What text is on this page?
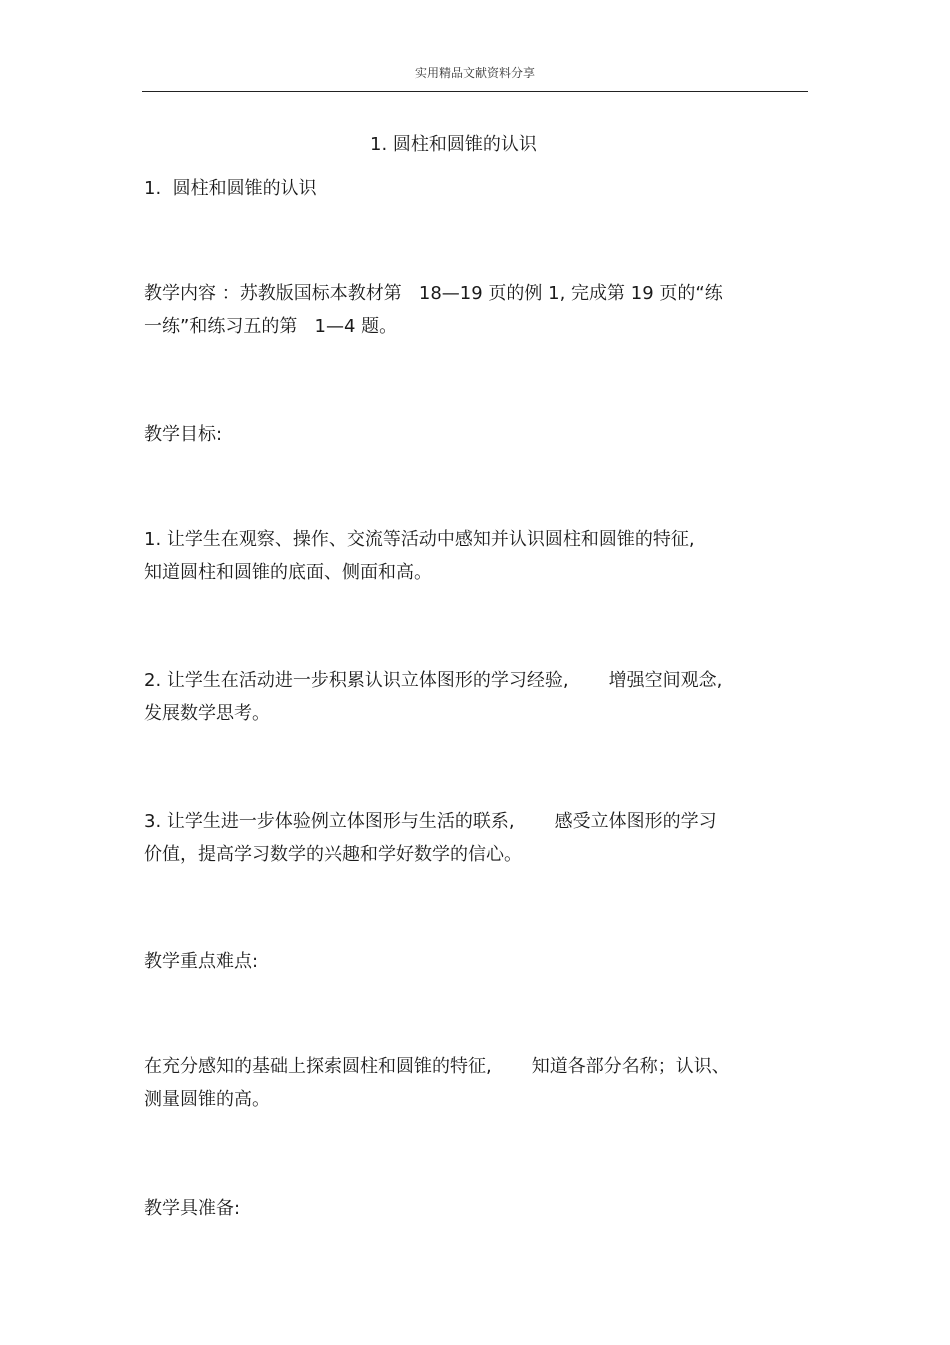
实用精品文献资料分享
1. 圆柱和圆锥的认识
1.  圆柱和圆锥的认识
教学内容 ：苏教版国标本教材第   18—19 页的例 1, 完成第 19 页的“练
一练”和练习五的第   1—4 题。
教学目标:
1. 让学生在观察、操作、交流等活动中感知并认识圆柱和圆锥的特征,
知道圆柱和圆锥的底面、侧面和高。
2. 让学生在活动进一步积累认识立体图形的学习经验,       增强空间观念,
发展数学思考。
3. 让学生进一步体验例立体图形与生活的联系,       感受立体图形的学习
价值，提高学习数学的兴趣和学好数学的信心。
教学重点难点:
在充分感知的基础上探索圆柱和圆锥的特征,       知道各部分名称；认识、
测量圆锥的高。
教学具准备:
